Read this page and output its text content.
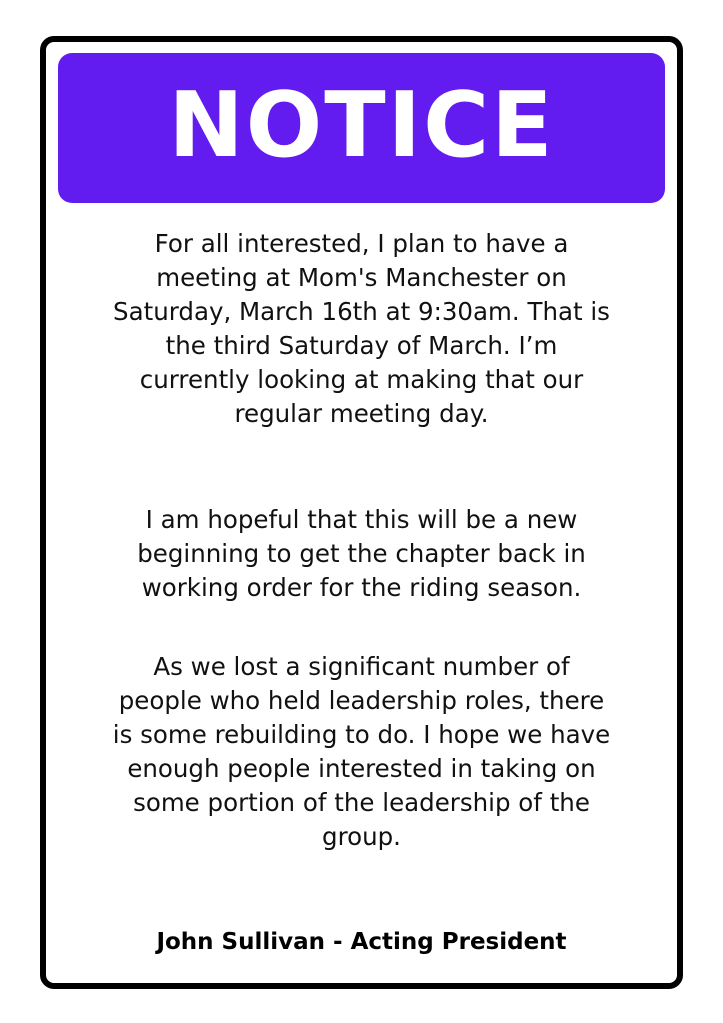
NOTICE
For all interested, I plan to have a
meeting at Mom's Manchester on
Saturday, March 16th at 9:30am. That is
the third Saturday of March. I’m
currently looking at making that our
regular meeting day.
I am hopeful that this will be a new
beginning to get the chapter back in
working order for the riding season.
As we lost a significant number of
people who held leadership roles, there
is some rebuilding to do. I hope we have
enough people interested in taking on
some portion of the leadership of the
group.
John Sullivan - Acting President
